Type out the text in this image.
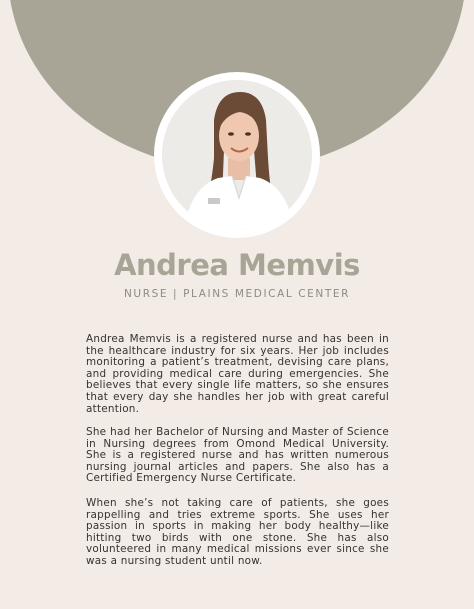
Andrea Memvis
NURSE | PLAINS MEDICAL CENTER

Andrea Memvis is a registered nurse and has been in the healthcare industry for six years. Her job includes monitoring a patient’s treatment, devising care plans, and providing medical care during emergencies. She believes that every single life matters, so she ensures that every day she handles her job with great careful attention.

She had her Bachelor of Nursing and Master of Science in Nursing degrees from Omond Medical University. She is a registered nurse and has written numerous nursing journal articles and papers. She also has a Certified Emergency Nurse Certificate.

When she’s not taking care of patients, she goes rappelling and tries extreme sports. She uses her passion in sports in making her body healthy—like hitting two birds with one stone. She has also volunteered in many medical missions ever since she was a nursing student until now.
